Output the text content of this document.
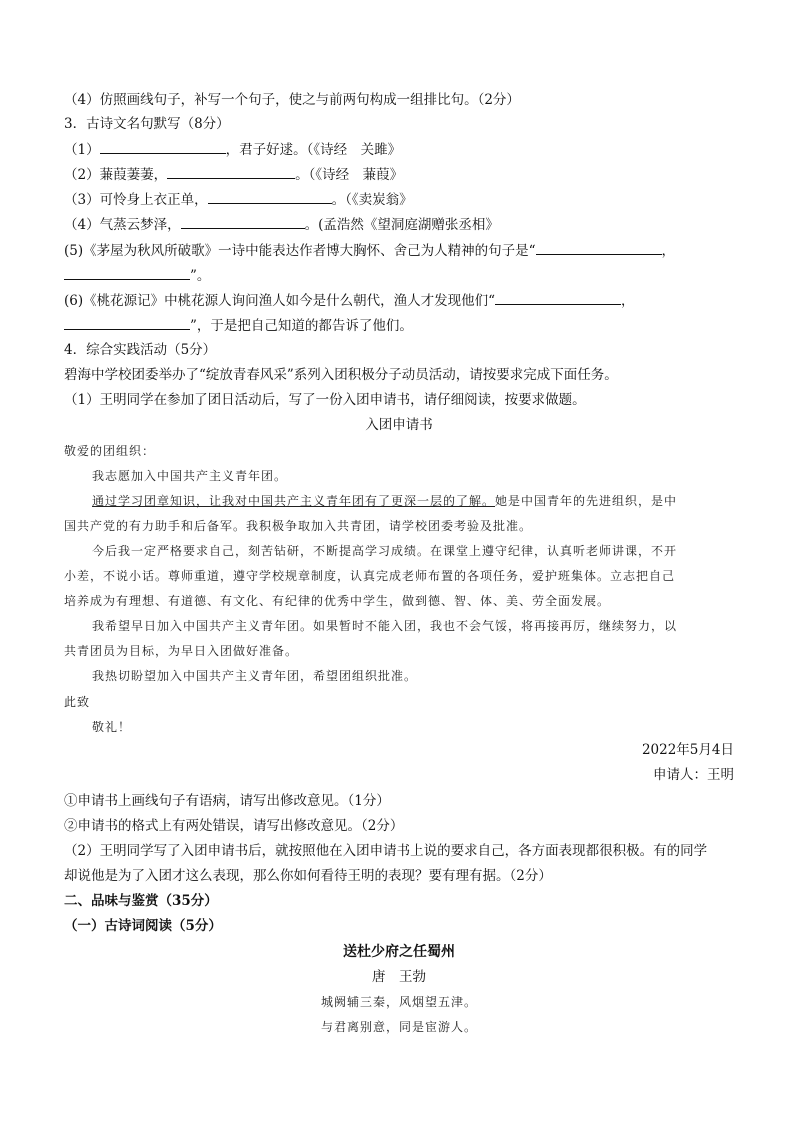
（4）仿照画线句子，补写一个句子，使之与前两句构成一组排比句。（2分）
3．古诗文名句默写（8分）
（1）	，君子好逑。（《诗经　关雎》
（2）蒹葭萋萋，	。（《诗经　蒹葭》
（3）可怜身上衣正单，	。（《卖炭翁》
（4）气蒸云梦泽，	。(孟浩然《望洞庭湖赠张丞相》
(5)《茅屋为秋风所破歌》一诗中能表达作者博大胸怀、舍己为人精神的句子是“	，
”。
(6)《桃花源记》中桃花源人询问渔人如今是什么朝代，渔人才发现他们“	，
”，于是把自己知道的都告诉了他们。
4．综合实践活动（5分）
碧海中学校团委举办了“绽放青春风采”系列入团积极分子动员活动，请按要求完成下面任务。
（1）王明同学在参加了团日活动后，写了一份入团申请书，请仔细阅读，按要求做题。
入团申请书
敬爱的团组织：
我志愿加入中国共产主义青年团。
通过学习团章知识，让我对中国共产主义青年团有了更深一层的了解。她是中国青年的先进组织，是中
国共产党的有力助手和后备军。我积极争取加入共青团，请学校团委考验及批准。
今后我一定严格要求自己，刻苦钻研，不断提高学习成绩。在课堂上遵守纪律，认真听老师讲课，不开
小差，不说小话。尊师重道，遵守学校规章制度，认真完成老师布置的各项任务，爱护班集体。立志把自己
培养成为有理想、有道德、有文化、有纪律的优秀中学生，做到德、智、体、美、劳全面发展。
我希望早日加入中国共产主义青年团。如果暂时不能入团，我也不会气馁，将再接再厉，继续努力，以
共青团员为目标，为早日入团做好准备。
我热切盼望加入中国共产主义青年团，希望团组织批准。
此致
敬礼！
2022年5月4日
申请人：王明
①申请书上画线句子有语病，请写出修改意见。（1分）
②申请书的格式上有两处错误，请写出修改意见。（2分）
（2）王明同学写了入团申请书后，就按照他在入团申请书上说的要求自己，各方面表现都很积极。有的同学
却说他是为了入团才这么表现，那么你如何看待王明的表现？要有理有据。（2分）
二、品味与鉴赏（35分）
（一）古诗词阅读（5分）
送杜少府之任蜀州
唐　王勃
城阙辅三秦，风烟望五津。
与君离别意，同是宦游人。
